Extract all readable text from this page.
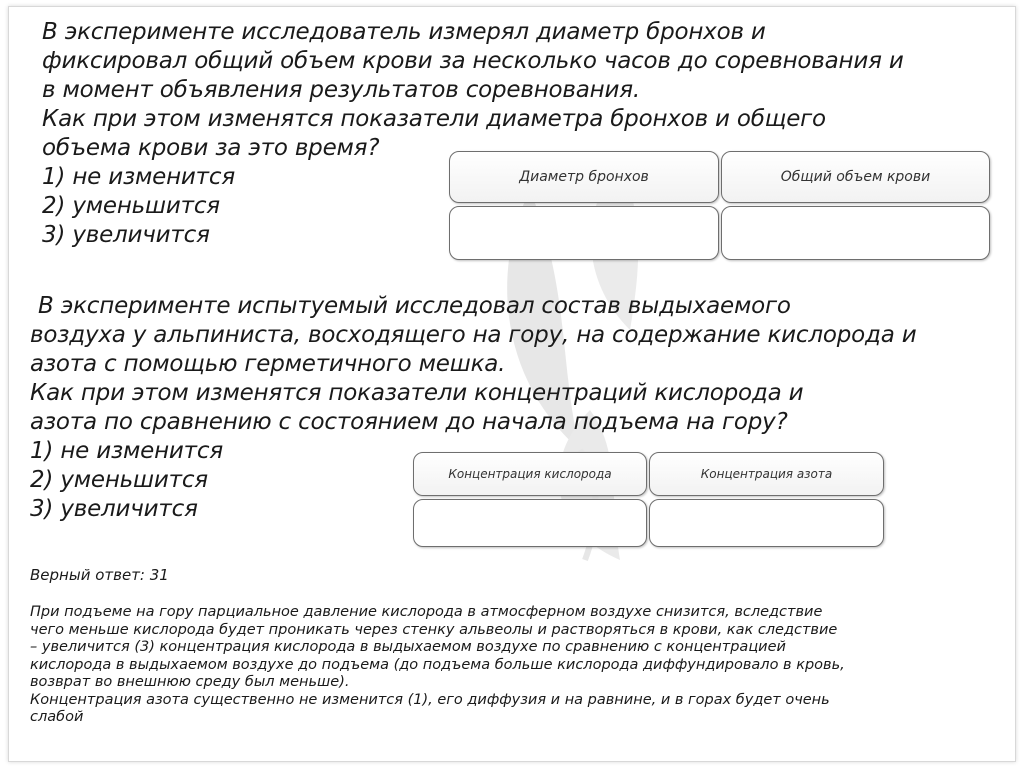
В эксперименте исследователь измерял диаметр бронхов и
фиксировал общий объем крови за несколько часов до соревнования и
в момент объявления результатов соревнования.
Как при этом изменятся показатели диаметра бронхов и общего
объема крови за это время?
1) не изменится
2) уменьшится
3) увеличится
Диаметр бронхов	Общий объем крови
В эксперименте испытуемый исследовал состав выдыхаемого
воздуха у альпиниста, восходящего на гору, на содержание кислорода и
азота с помощью герметичного мешка.
Как при этом изменятся показатели концентраций кислорода и
азота по сравнению с состоянием до начала подъема на гору?
1) не изменится
2) уменьшится
3) увеличится
Концентрация кислорода	Концентрация азота
Верный ответ: 31
При подъеме на гору парциальное давление кислорода в атмосферном воздухе снизится, вследствие
чего меньше кислорода будет проникать через стенку альвеолы и растворяться в крови, как следствие
– увеличится (3) концентрация кислорода в выдыхаемом воздухе по сравнению с концентрацией
кислорода в выдыхаемом воздухе до подъема (до подъема больше кислорода диффундировало в кровь,
возврат во внешнюю среду был меньше).
Концентрация азота существенно не изменится (1), его диффузия и на равнине, и в горах будет очень
слабой
